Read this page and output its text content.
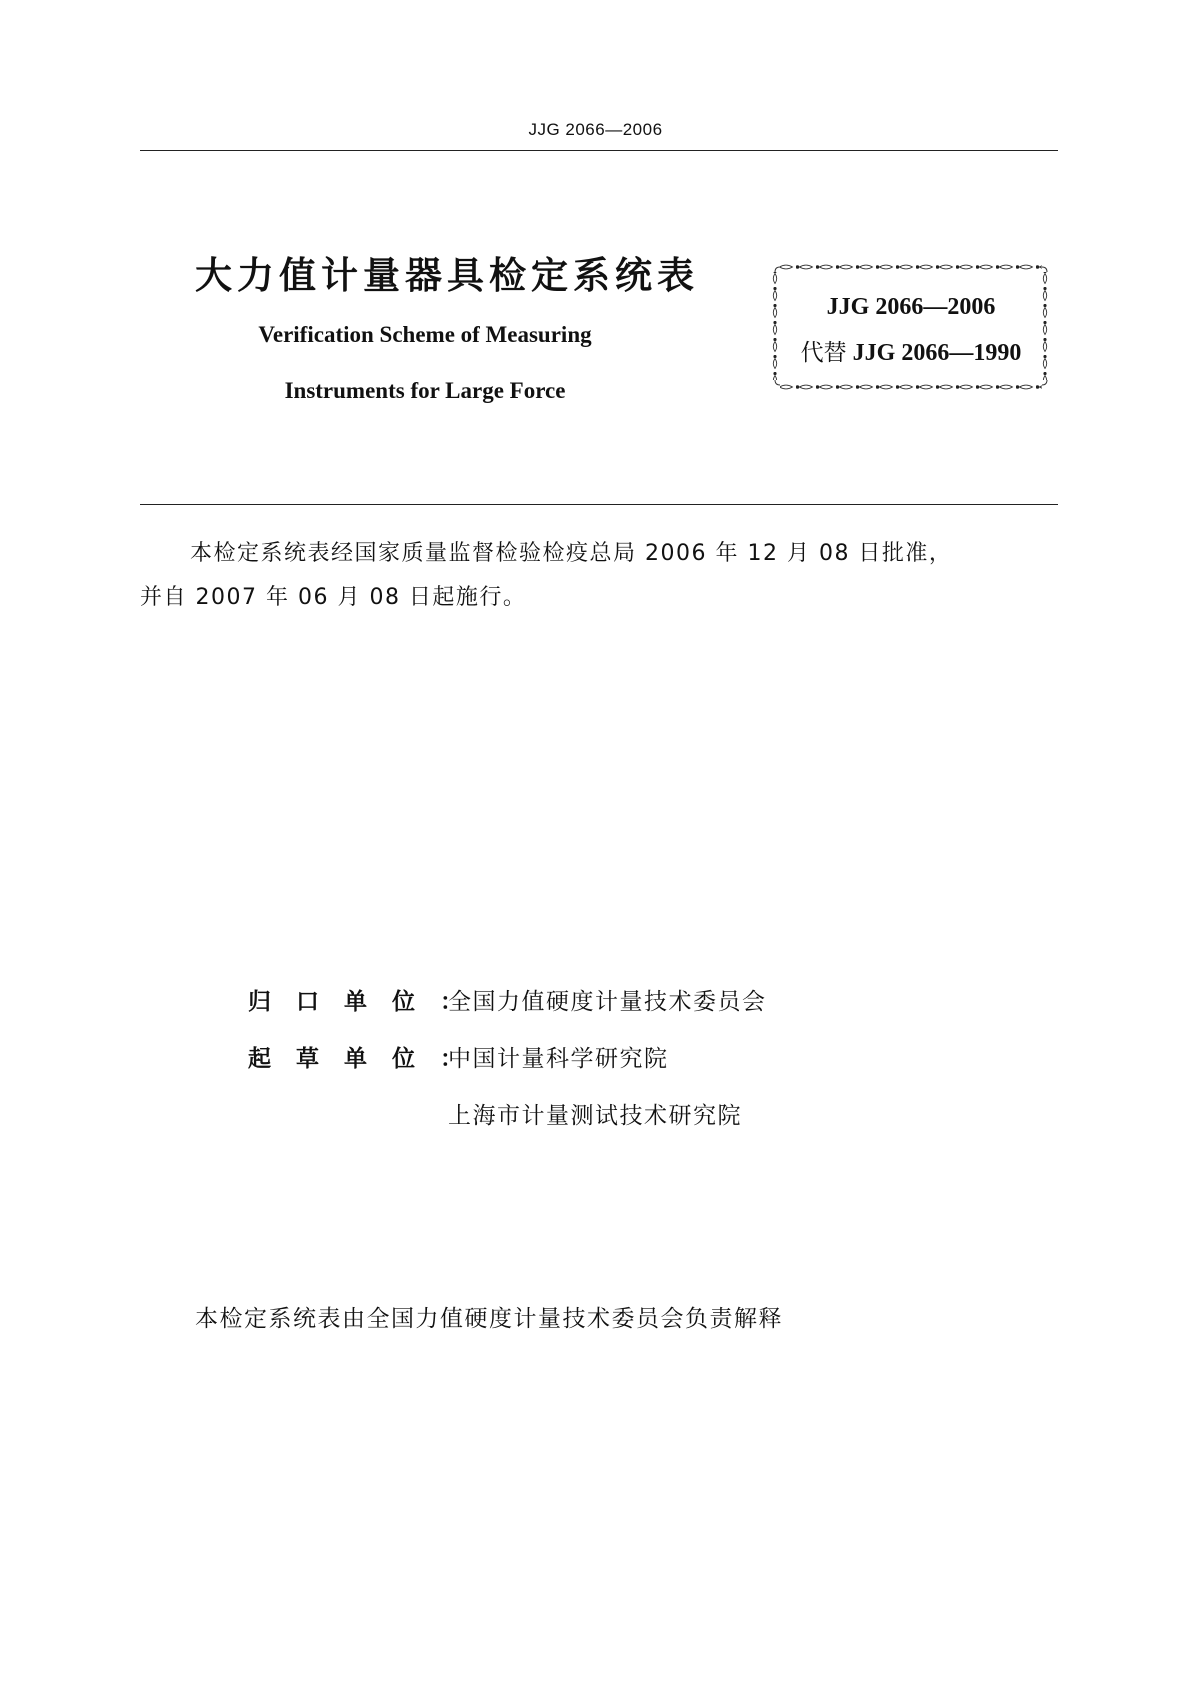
JJG 2066—2006
大力值计量器具检定系统表
Verification Scheme of Measuring
Instruments for Large Force
JJG 2066—2006
代替 JJG 2066—1990
本检定系统表经国家质量监督检验检疫总局 2006 年 12 月 08 日批准，
并自 2007 年 06 月 08 日起施行。
归口单位：全国力值硬度计量技术委员会
起草单位：中国计量科学研究院
上海市计量测试技术研究院
本检定系统表由全国力值硬度计量技术委员会负责解释
